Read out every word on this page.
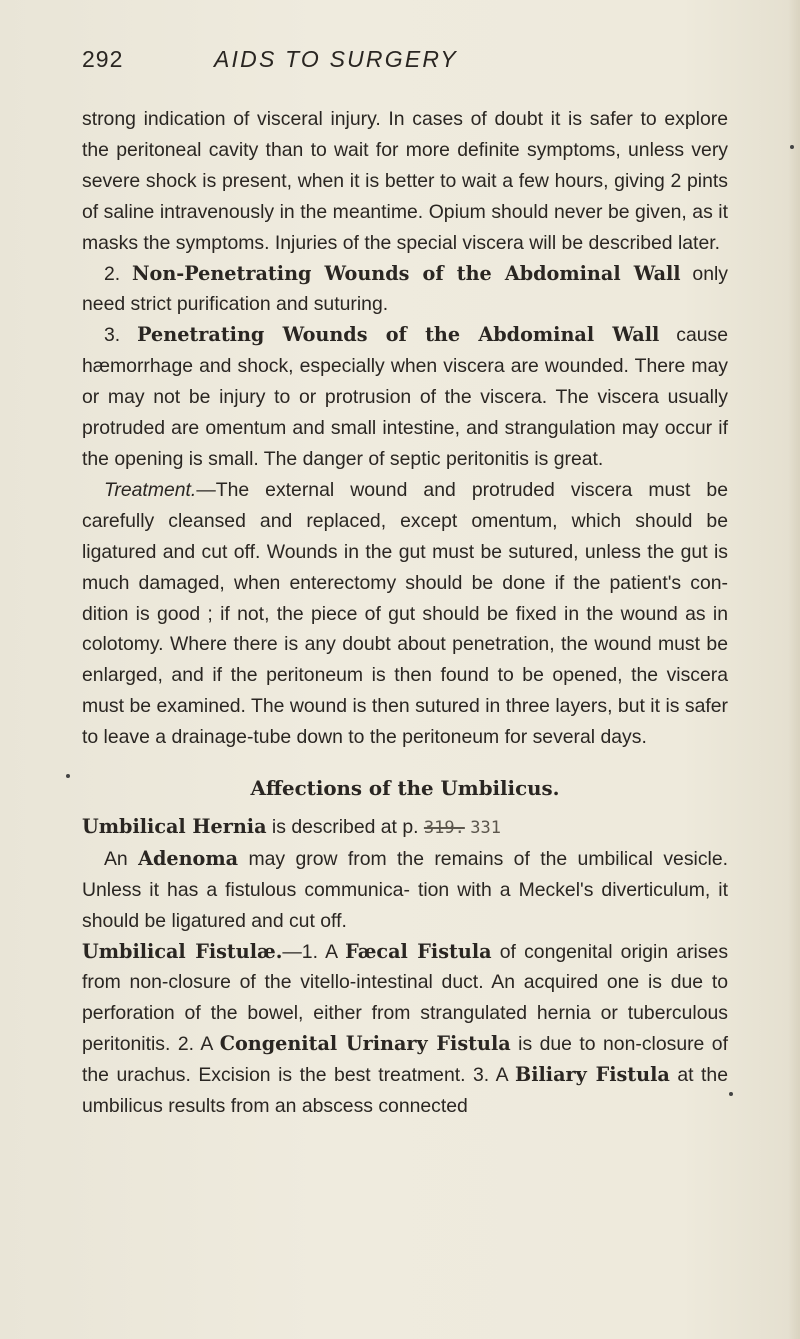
292	AIDS TO SURGERY

strong indication of visceral injury. In cases of doubt it is safer to explore the peritoneal cavity than to wait for more definite symptoms, unless very severe shock is present, when it is better to wait a few hours, giving 2 pints of saline intravenously in the meantime. Opium should never be given, as it masks the symptoms. Injuries of the special viscera will be described later.

2. Non-Penetrating Wounds of the Abdominal Wall only need strict purification and suturing.

3. Penetrating Wounds of the Abdominal Wall cause hæmorrhage and shock, especially when viscera are wounded. There may or may not be injury to or protrusion of the viscera. The viscera usually protruded are omentum and small intestine, and strangulation may occur if the opening is small. The danger of septic peritonitis is great.

Treatment.—The external wound and protruded viscera must be carefully cleansed and replaced, except omentum, which should be ligatured and cut off. Wounds in the gut must be sutured, unless the gut is much damaged, when enterectomy should be done if the patient's con- dition is good ; if not, the piece of gut should be fixed in the wound as in colotomy. Where there is any doubt about penetration, the wound must be enlarged, and if the peritoneum is then found to be opened, the viscera must be examined. The wound is then sutured in three layers, but it is safer to leave a drainage-tube down to the peritoneum for several days.

Affections of the Umbilicus.

Umbilical Hernia is described at p. 319. 331

An Adenoma may grow from the remains of the umbilical vesicle. Unless it has a fistulous communica- tion with a Meckel's diverticulum, it should be ligatured and cut off.

Umbilical Fistulæ.—1. A Fæcal Fistula of congenital origin arises from non-closure of the vitello-intestinal duct. An acquired one is due to perforation of the bowel, either from strangulated hernia or tuberculous peritonitis. 2. A Congenital Urinary Fistula is due to non-closure of the urachus. Excision is the best treatment. 3. A Biliary Fistula at the umbilicus results from an abscess connected
